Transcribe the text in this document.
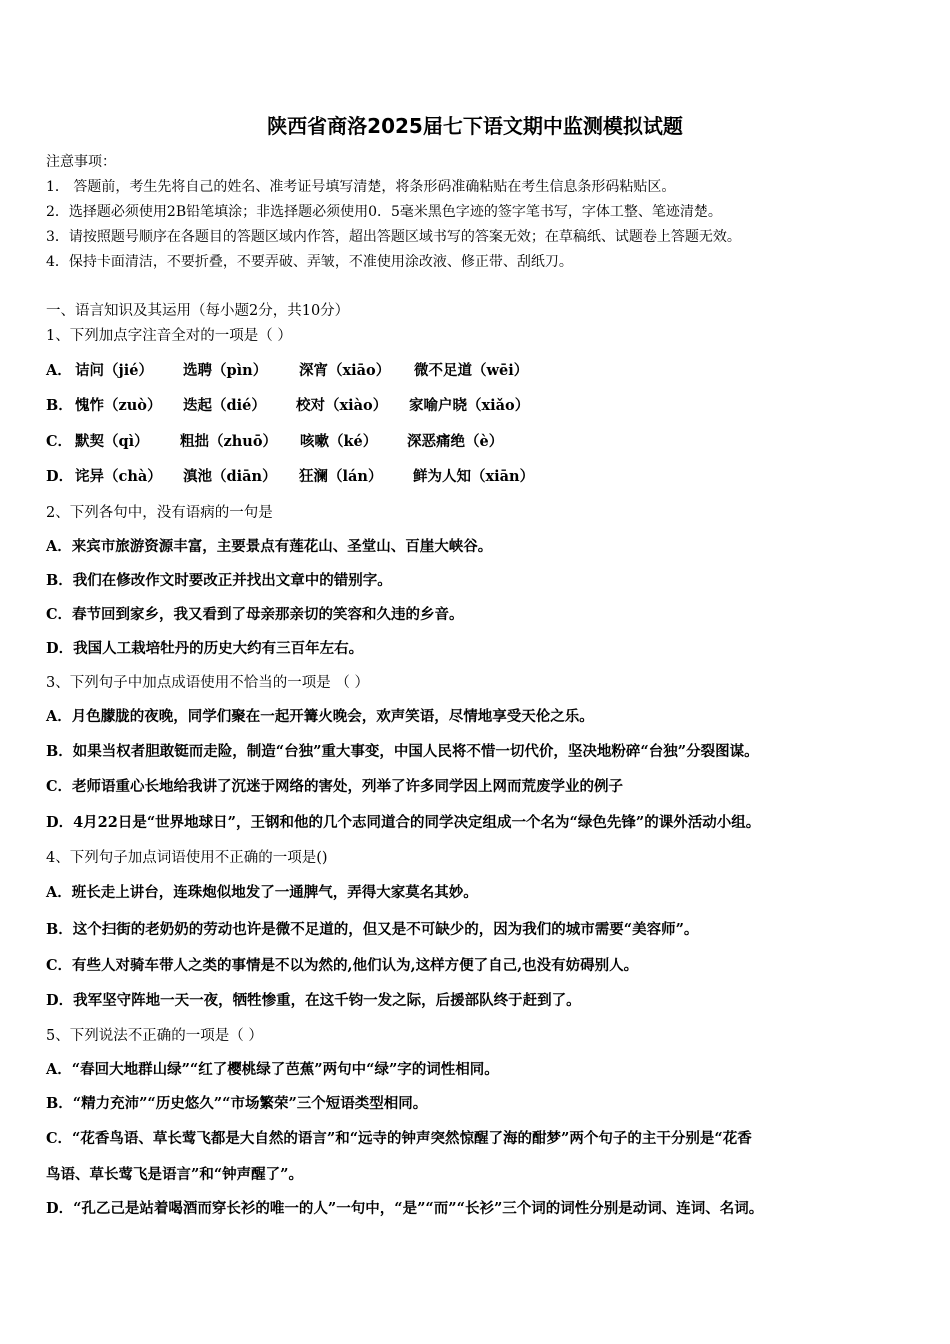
陕西省商洛2025届七下语文期中监测模拟试题
注意事项：
1． 答题前，考生先将自己的姓名、准考证号填写清楚，将条形码准确粘贴在考生信息条形码粘贴区。
2．选择题必须使用2B铅笔填涂；非选择题必须使用0．5毫米黑色字迹的签字笔书写，字体工整、笔迹清楚。
3．请按照题号顺序在各题目的答题区域内作答，超出答题区域书写的答案无效；在草稿纸、试题卷上答题无效。
4．保持卡面清洁，不要折叠，不要弄破、弄皱，不准使用涂改液、修正带、刮纸刀。
一、语言知识及其运用（每小题2分，共10分）
1、下列加点字注音全对的一项是（ ）
A． 诘问（jié） 选聘（pìn） 深宵（xiāo） 微不足道（wēi）
B． 愧怍（zuò） 迭起（dié） 校对（xiào） 家喻户晓（xiǎo）
C． 默契（qì） 粗拙（zhuō） 咳嗽（ké） 深恶痛绝（è）
D． 诧异（chà） 滇池（diān） 狂澜（lán） 鲜为人知（xiān）
2、下列各句中，没有语病的一句是
A．来宾市旅游资源丰富，主要景点有莲花山、圣堂山、百崖大峡谷。
B．我们在修改作文时要改正并找出文章中的错别字。
C．春节回到家乡，我又看到了母亲那亲切的笑容和久违的乡音。
D．我国人工栽培牡丹的历史大约有三百年左右。
3、下列句子中加点成语使用不恰当的一项是 （ ）
A．月色朦胧的夜晚，同学们聚在一起开篝火晚会，欢声笑语，尽情地享受天伦之乐。
B．如果当权者胆敢铤而走险，制造“台独”重大事变，中国人民将不惜一切代价，坚决地粉碎“台独”分裂图谋。
C．老师语重心长地给我讲了沉迷于网络的害处，列举了许多同学因上网而荒废学业的例子
D．4月22日是“世界地球日”，王钢和他的几个志同道合的同学决定组成一个名为“绿色先锋”的课外活动小组。
4、下列句子加点词语使用不正确的一项是()
A．班长走上讲台，连珠炮似地发了一通脾气，弄得大家莫名其妙。
B．这个扫街的老奶奶的劳动也许是微不足道的，但又是不可缺少的，因为我们的城市需要“美容师”。
C．有些人对骑车带人之类的事情是不以为然的,他们认为,这样方便了自己,也没有妨碍别人。
D．我军坚守阵地一天一夜，牺牲惨重，在这千钧一发之际，后援部队终于赶到了。
5、下列说法不正确的一项是（ ）
A．“春回大地群山绿”“红了樱桃绿了芭蕉”两句中“绿”字的词性相同。
B．“精力充沛”“历史悠久”“市场繁荣”三个短语类型相同。
C．“花香鸟语、草长莺飞都是大自然的语言”和“远寺的钟声突然惊醒了海的酣梦”两个句子的主干分别是“花香
鸟语、草长莺飞是语言”和“钟声醒了”。
D．“孔乙己是站着喝酒而穿长衫的唯一的人”一句中，“是”“而”“长衫”三个词的词性分别是动词、连词、名词。
